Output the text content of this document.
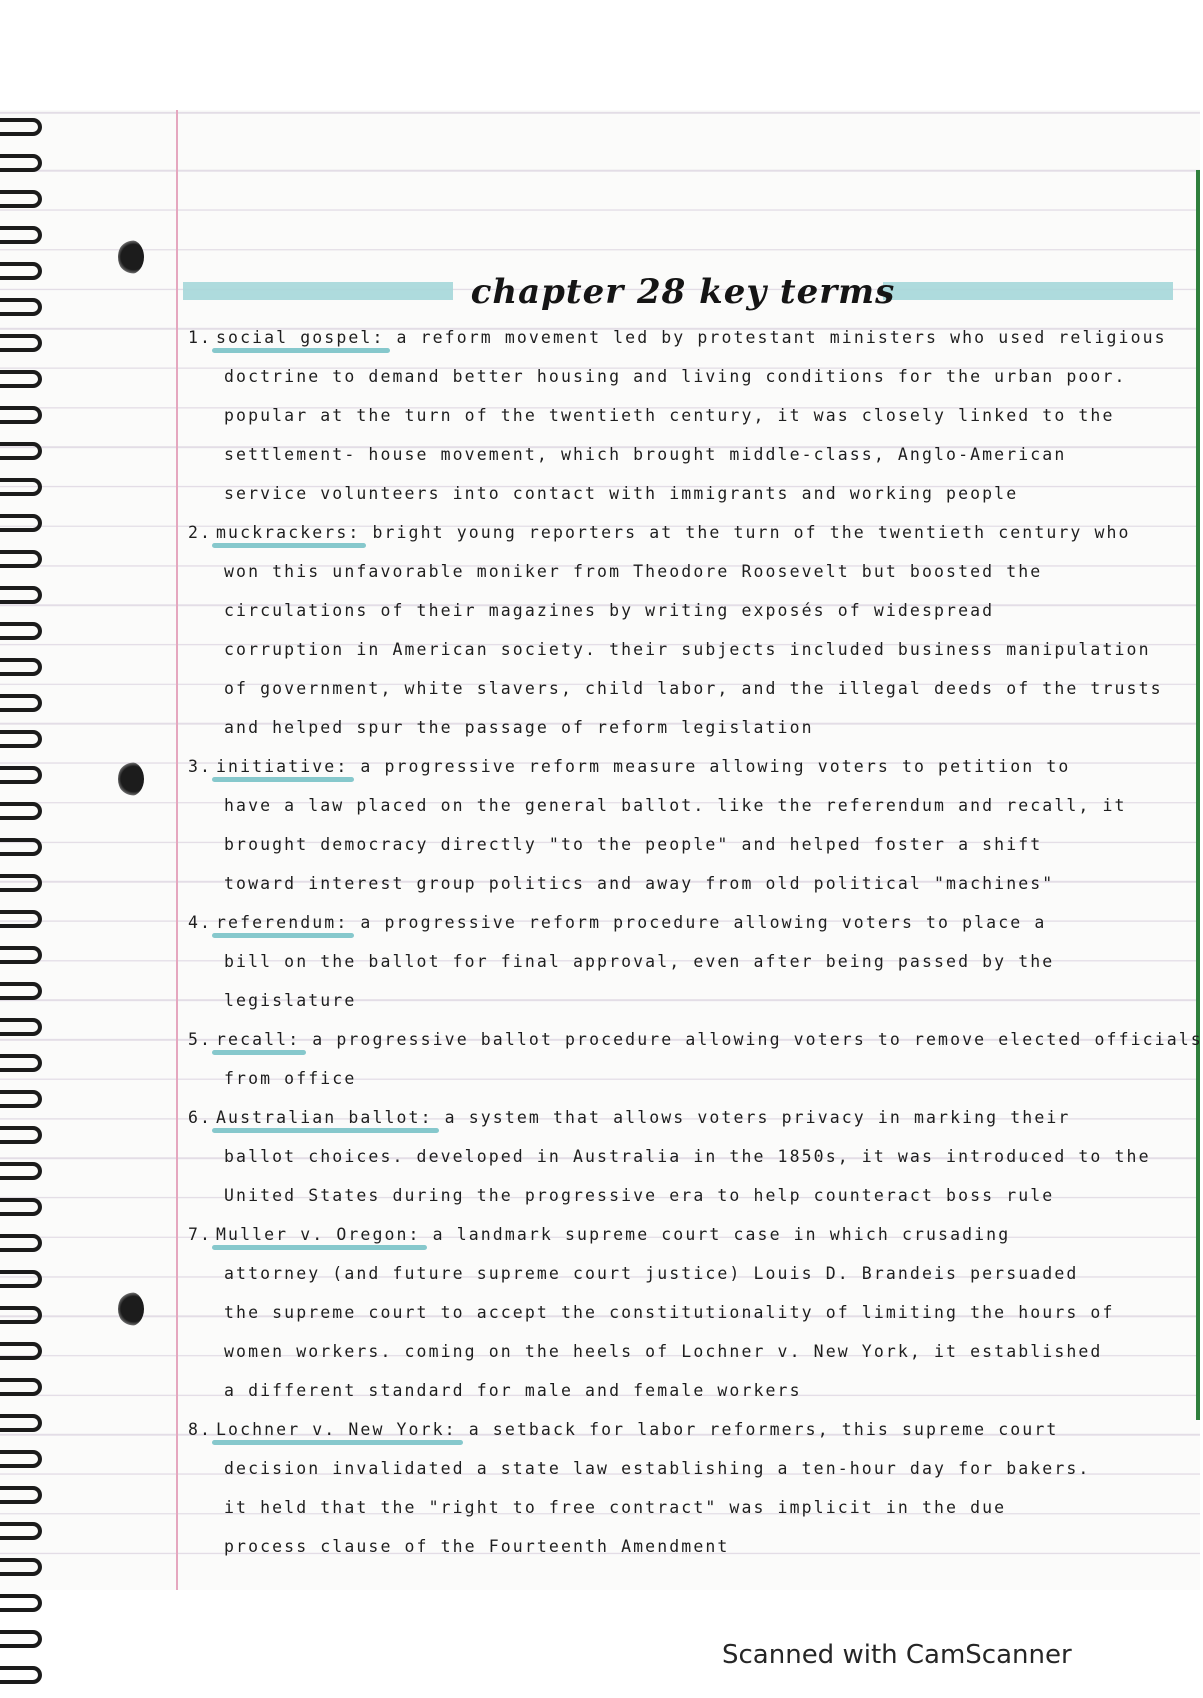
chapter 28 key terms
1. social gospel: a reform movement led by protestant ministers who used religious
doctrine to demand better housing and living conditions for the urban poor.
popular at the turn of the twentieth century, it was closely linked to the
settlement- house movement, which brought middle-class, Anglo-American
service volunteers into contact with immigrants and working people
2. muckrackers: bright young reporters at the turn of the twentieth century who
won this unfavorable moniker from Theodore Roosevelt but boosted the
circulations of their magazines by writing exposés of widespread
corruption in American society. their subjects included business manipulation
of government, white slavers, child labor, and the illegal deeds of the trusts
and helped spur the passage of reform legislation
3. initiative: a progressive reform measure allowing voters to petition to
have a law placed on the general ballot. like the referendum and recall, it
brought democracy directly "to the people" and helped foster a shift
toward interest group politics and away from old political "machines"
4. referendum: a progressive reform procedure allowing voters to place a
bill on the ballot for final approval, even after being passed by the
legislature
5. recall: a progressive ballot procedure allowing voters to remove elected officials
from office
6. Australian ballot: a system that allows voters privacy in marking their
ballot choices. developed in Australia in the 1850s, it was introduced to the
United States during the progressive era to help counteract boss rule
7. Muller v. Oregon: a landmark supreme court case in which crusading
attorney (and future supreme court justice) Louis D. Brandeis persuaded
the supreme court to accept the constitutionality of limiting the hours of
women workers. coming on the heels of Lochner v. New York, it established
a different standard for male and female workers
8. Lochner v. New York: a setback for labor reformers, this supreme court
decision invalidated a state law establishing a ten-hour day for bakers.
it held that the "right to free contract" was implicit in the due
process clause of the Fourteenth Amendment
Scanned with CamScanner
